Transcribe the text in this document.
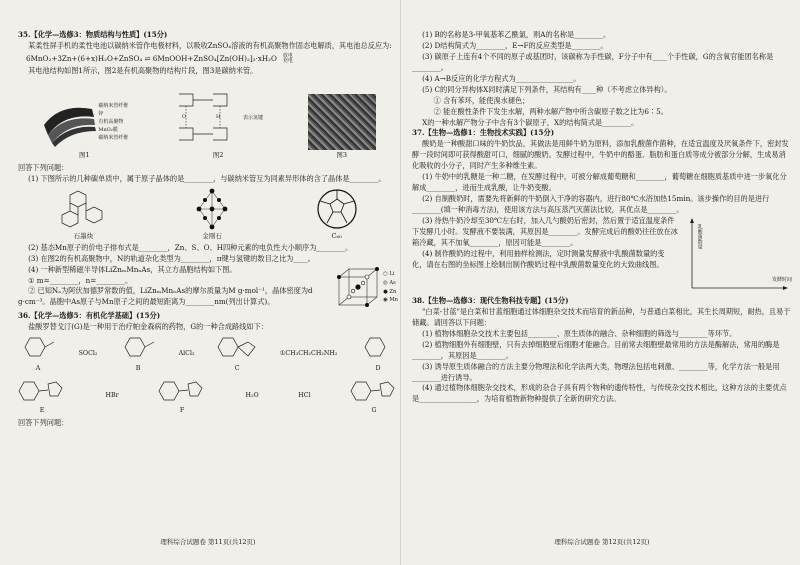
35.【化学—选修3：物质结构与性质】(15分)

某柔性屏手机的柔性电池以碳纳米管作电极材料，以吸收ZnSO₄溶液的有机高聚物作固态电解质，其电池总反应为:

6MnO₂+3Zn+(6+x)H₂O+ZnSO₄ ⇌ 6MnOOH+ZnSO₄[Zn(OH)₂]₃·xH₂O 放电
充电

其电池结构如图1所示，图2是有机高聚物的结构片段，图3是碳纳米管。

碳纳米管纤维
锌
有机高聚物
MnO₂膜
碳纳米管纤维
图1
O	H	表示氢键
图2	图3

回答下列问题：

(1) 下图所示的几种碳单质中，属于原子晶体的是________，与碳纳米管互为同素异形体的含了晶体是________。

石墨炔	金刚石	C₆₀

(2) 基态Mn原子的价电子排布式是________，Zn、S、O、H四种元素的电负性大小顺序为________。

(3) 在图2的有机高聚物中，N的轨道杂化类型为________，π键与氢键的数目之比为____。

(4) 一种新型稀磁半导体LiZnₘMnₙAs，其立方晶胞结构如下图。

① m=________，n=________。

② 已知Nₐ为阿伏加德罗常数的值，LiZnₘMnₙAs的摩尔质量为M g·mol⁻¹，晶体密度为d g·cm⁻³。晶胞中As原子与Mn原子之间的最短距离为________nm(列出计算式)。

○ Li
◎ As
● Zn
◉ Mn

36.【化学—选修5：有机化学基础】(15分)

盐酸罗替戈汀(G)是一种用于治疗帕金森病的药物，G的一种合成路线如下：

A
SOCl₂
B
AlCl₃
C
①CH₃CH₂CH₂NH₂
D
E
HBr
F
H₂O	HCl
G

回答下列问题：

理科综合试题卷 第11页(共12页)

(1) B的名称是3-甲氧基苯乙酰氯，则A的名称是________。

(2) D结构简式为________，E→F的反应类型是________。

(3) 碳原子上连有4个不同的原子或基团时，该碳称为手性碳，F分子中有____个手性碳，G的含氧官能团名称是________。

(4) A→B反应的化学方程式为________________。

(5) C的同分异构体X同时满足下列条件，其结构有____种（不考虑立体异构）。

① 含有苯环，能使溴水褪色；

② 能在酸性条件下发生水解，两种水解产物中所含碳原子数之比为6∶5。

X的一种水解产物分子中含有3个碳原子，X的结构简式是________。

37.【生物—选修1：生物技术实践】(15分)

酸奶是一种酸甜口味的牛奶饮品，其做法是用鲜牛奶为原料，添加乳酸菌作菌种，在适宜温度及厌氧条件下，密封发酵一段时间即可获得酸甜可口，细腻的酸奶。发酵过程中，牛奶中的酪蛋、脂肪和蛋白质等成分被部分分解，生成易消化吸收的小分子，同时产生多种维生素。

(1) 牛奶中的乳糖是一种二糖，在发酵过程中，可被分解成葡萄糖和________，葡萄糖在细胞质基质中进一步氧化分解成________，进而生成乳酸，让牛奶变酸。

(2) 自制酸奶时，需要先将新鲜的牛奶倒入干净的容器内，进行80℃水浴加热15min。该步操作的目的是进行________(填一种消毒方法)，使用该方法与高压蒸汽灭菌法比较，其优点是________。

(3) 待热牛奶冷却至30℃左右时，加入几勺酸奶后密封，然后置于适宜温度条件下发酵几小时。发酵液不要装满，其原因是________。发酵完成后的酸奶往往放在冰箱冷藏，其不加氧________，原因可能是________。

(4) 制作酸奶的过程中，利用抽样检测法，定时测量发酵液中乳酸菌数量的变化，请在右图的坐标图上绘制出制作酸奶过程中乳酸菌数量变化的大致曲线图。

乳酸菌数量
发酵时间

38.【生物—选修3：现代生物科技专题】(15分)

"白菜-甘蓝"是白菜和甘蓝细胞通过体细胞杂交技术而培育的新品种，与普通白菜相比，其生长周期短，耐热，且易于储藏。请回答以下问题：

(1) 植物体细胞杂交技术主要包括________、原生质体的融合、杂种细胞的筛选与________等环节。

(2) 植物细胞外有细胞壁，只有去掉细胞壁后细胞才能融合。目前常去细胞壁最常用的方法是酶解法，常用的酶是________，其原因是________。

(3) 诱导原生质体融合的方法主要分物理法和化学法两大类，物理法包括电刺激、________等，化学方法一般是用________进行诱导。

(4) 通过植物体细胞杂交技术，形成的杂合子具有两个物种的遗传特性，与传统杂交技术相比，这种方法的主要优点是________________，为培育植物新物种提供了全新的研究方法。

理科综合试题卷 第12页(共12页)
